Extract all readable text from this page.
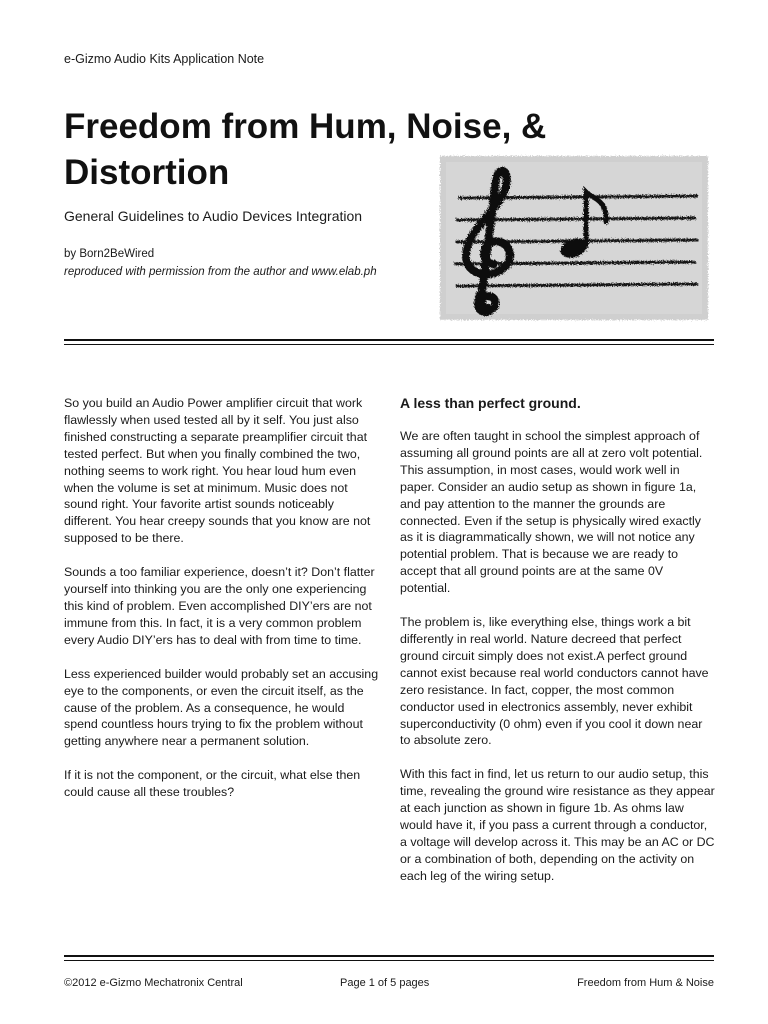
e-Gizmo Audio Kits Application Note
Freedom from Hum, Noise, & Distortion
General Guidelines to Audio Devices Integration
by Born2BeWired
reproduced with permission from the author and www.elab.ph

So you build an Audio Power amplifier circuit that work flawlessly when used tested all by it self. You just also finished constructing a separate preamplifier circuit that tested perfect. But when you finally combined the two, nothing seems to work right. You hear loud hum even when the volume is set at minimum. Music does not sound right. Your favorite artist sounds noticeably different. You hear creepy sounds that you know are not supposed to be there.

Sounds a too familiar experience, doesn’t it? Don’t flatter yourself into thinking you are the only one experiencing this kind of problem. Even accomplished DIY’ers are not immune from this. In fact, it is a very common problem every Audio DIY’ers has to deal with from time to time.

Less experienced builder would probably set an accusing eye to the components, or even the circuit itself, as the cause of the problem. As a consequence, he would spend countless hours trying to fix the problem without getting anywhere near a permanent solution.

If it is not the component, or the circuit, what else then could cause all these troubles?

A less than perfect ground.

We are often taught in school the simplest approach of assuming all ground points are all at zero volt potential. This assumption, in most cases, would work well in paper. Consider an audio setup as shown in figure 1a, and pay attention to the manner the grounds are connected. Even if the setup is physically wired exactly as it is diagrammatically shown, we will not notice any potential problem. That is because we are ready to accept that all ground points are at the same 0V potential.

The problem is, like everything else, things work a bit differently in real world. Nature decreed that perfect ground circuit simply does not exist.A perfect ground cannot exist because real world conductors cannot have zero resistance. In fact, copper, the most common conductor used in electronics assembly, never exhibit superconductivity (0 ohm) even if you cool it down near to absolute zero.

With this fact in find, let us return to our audio setup, this time, revealing the ground wire resistance as they appear at each junction as shown in figure 1b. As ohms law would have it, if you pass a current through a conductor, a voltage will develop across it. This may be an AC or DC or a combination of both, depending on the activity on each leg of the wiring setup.

©2012 e-Gizmo Mechatronix Central	Page 1 of 5 pages	Freedom from Hum & Noise
